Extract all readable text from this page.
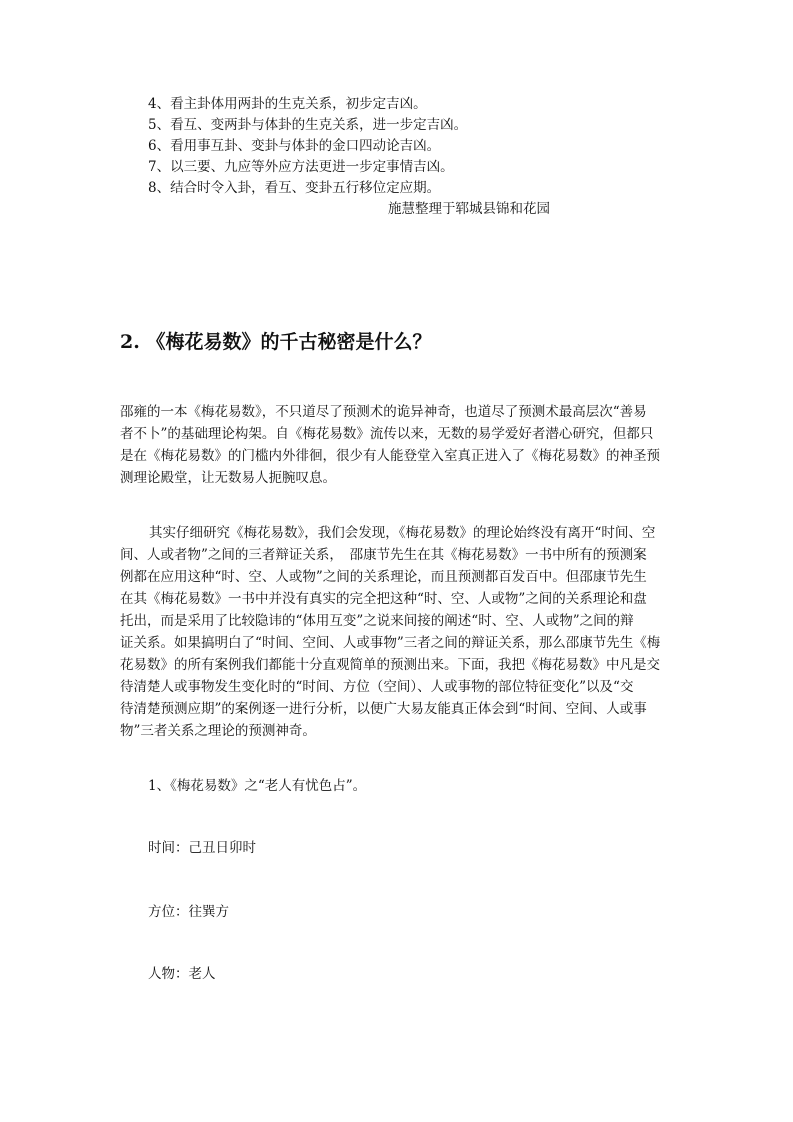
4、看主卦体用两卦的生克关系，初步定吉凶。
5、看互、变两卦与体卦的生克关系，进一步定吉凶。
6、看用事互卦、变卦与体卦的金口四动论吉凶。
7、以三要、九应等外应方法更进一步定事情吉凶。
8、结合时令入卦，看互、变卦五行移位定应期。
施慧整理于郓城县锦和花园
2. 《梅花易数》的千古秘密是什么？
邵雍的一本《梅花易数》，不只道尽了预测术的诡异神奇，也道尽了预测术最高层次“善易
者不卜”的基础理论构架。自《梅花易数》流传以来，无数的易学爱好者潜心研究，但都只
是在《梅花易数》的门槛内外徘徊，很少有人能登堂入室真正进入了《梅花易数》的神圣预
测理论殿堂，让无数易人扼腕叹息。
其实仔细研究《梅花易数》，我们会发现，《梅花易数》的理论始终没有离开“时间、空
间、人或者物”之间的三者辩证关系，　邵康节先生在其《梅花易数》一书中所有的预测案
例都在应用这种“时、空、人或物”之间的关系理论，而且预测都百发百中。但邵康节先生
在其《梅花易数》一书中并没有真实的完全把这种“时、空、人或物”之间的关系理论和盘
托出，而是采用了比较隐讳的“体用互变”之说来间接的阐述“时、空、人或物”之间的辩
证关系。如果搞明白了“时间、空间、人或事物”三者之间的辩证关系，那么邵康节先生《梅
花易数》的所有案例我们都能十分直观简单的预测出来。下面，我把《梅花易数》中凡是交
待清楚人或事物发生变化时的“时间、方位（空间）、人或事物的部位特征变化”以及“交
待清楚预测应期”的案例逐一进行分析，以便广大易友能真正体会到“时间、空间、人或事
物”三者关系之理论的预测神奇。
1、《梅花易数》之“老人有忧色占”。
时间：己丑日卯时
方位：往巽方
人物：老人
